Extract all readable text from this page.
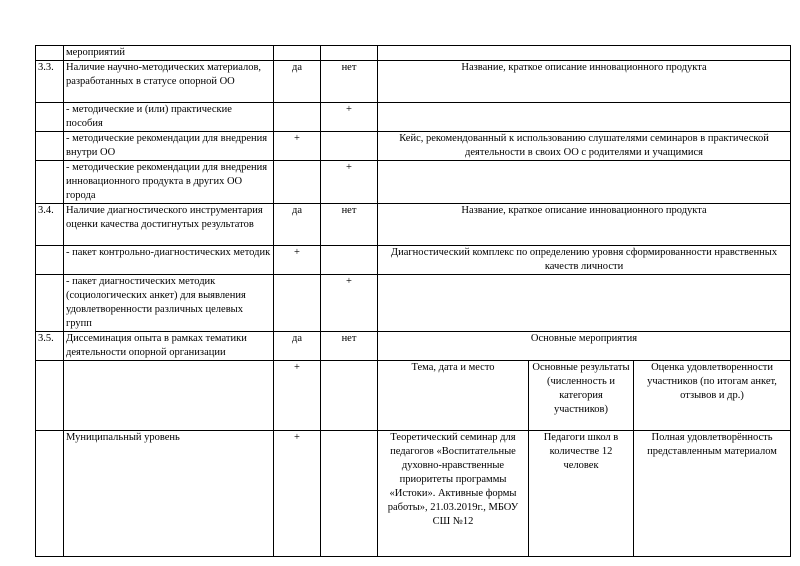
	мероприятий					
3.3.	Наличие научно-методических материалов, разработанных в статусе опорной ОО	да	нет	Название, краткое описание инновационного продукта		
	- методические и (или) практические пособия		+			
	- методические рекомендации для внедрения внутри ОО	+		Кейс, рекомендованный к использованию слушателями семинаров в практической деятельности в своих ОО с родителями и учащимися		
	- методические рекомендации для внедрения инновационного продукта в других ОО города		+			
3.4.	Наличие диагностического инструментария оценки качества достигнутых результатов	да	нет	Название, краткое описание инновационного продукта		
	- пакет контрольно-диагностических методик	+		Диагностический комплекс по определению уровня сформированности нравственных качеств личности		
	- пакет диагностических методик (социологических анкет) для выявления удовлетворенности различных целевых групп		+			
3.5.	Диссеминация опыта в рамках тематики деятельности опорной организации	да	нет	Основные мероприятия		
		+		Тема, дата и место	Основные результаты (численность и категория участников)	Оценка удовлетворенности участников (по итогам анкет, отзывов и др.)
	Муниципальный уровень	+		Теоретический семинар для педагогов «Воспитательные духовно-нравственные приоритеты программы «Истоки». Активные формы работы», 21.03.2019г., МБОУ СШ №12	Педагоги школ в количестве 12 человек	Полная удовлетворённость представленным материалом
